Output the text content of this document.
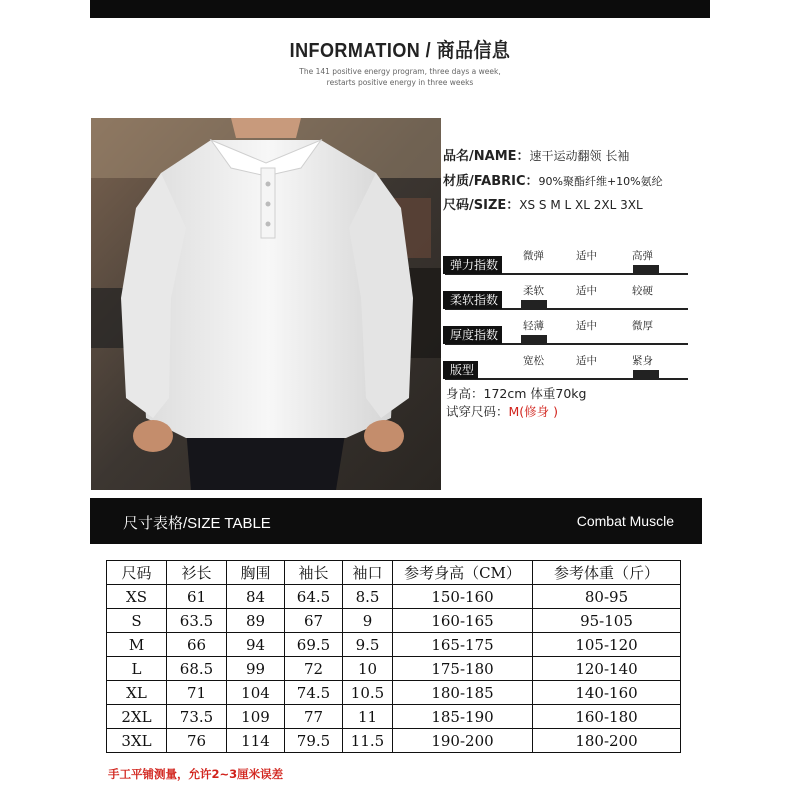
INFORMATION / 商品信息
The 141 positive energy program, three days a week,
restarts positive energy in three weeks
品名/NAME：速干运动翻领 长袖
材质/FABRIC：90%聚酯纤维+10%氨纶
尺码/SIZE：XS S M L XL 2XL 3XL
弹力指数
微弹	适中	高弹
柔软指数
柔软	适中	较硬
厚度指数
轻薄	适中	微厚
版型
宽松	适中	紧身
身高：172cm 体重70kg
试穿尺码：M(修身 )
尺寸表格/SIZE TABLE	Combat Muscle
尺码	衫长	胸围	袖长	袖口	参考身高（CM）	参考体重（斤）
XS	61	84	64.5	8.5	150-160	80-95
S	63.5	89	67	9	160-165	95-105
M	66	94	69.5	9.5	165-175	105-120
L	68.5	99	72	10	175-180	120-140
XL	71	104	74.5	10.5	180-185	140-160
2XL	73.5	109	77	11	185-190	160-180
3XL	76	114	79.5	11.5	190-200	180-200
手工平铺测量，允许2~3厘米误差
